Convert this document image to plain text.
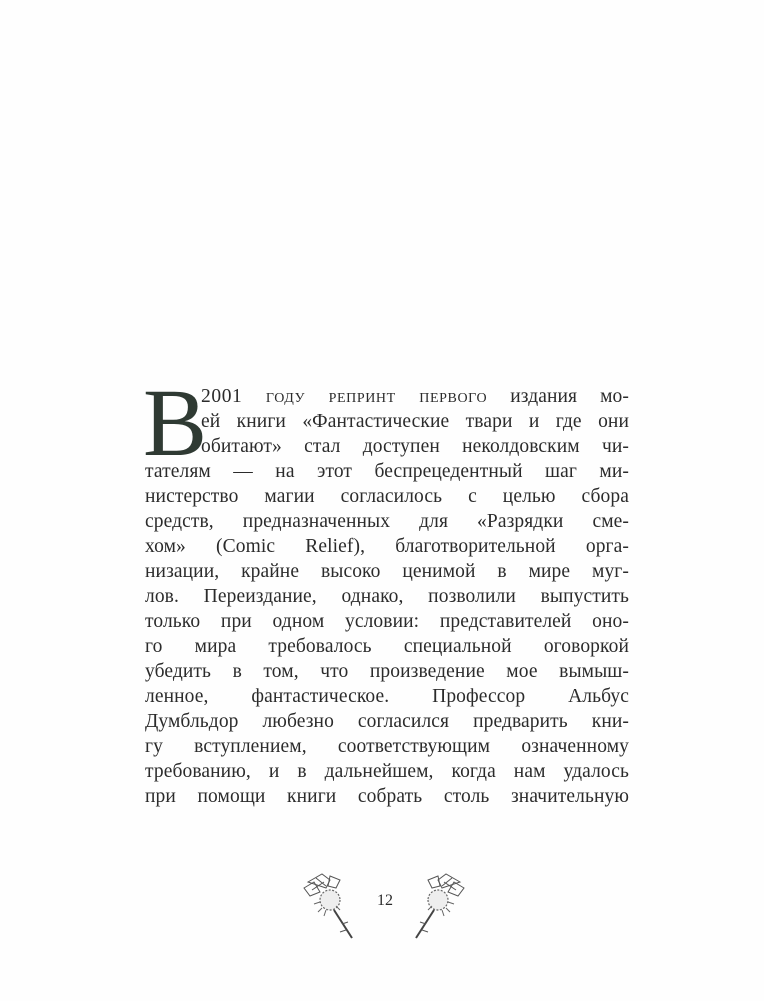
В
2001 году репринт первого издания мо-
ей книги «Фантастические твари и где они
обитают» стал доступен неколдовским чи-
тателям — на этот беспрецедентный шаг ми-
нистерство магии согласилось с целью сбора
средств, предназначенных для «Разрядки сме-
хом» (Comic Relief), благотворительной орга-
низации, крайне высоко ценимой в мире муг-
лов. Переиздание, однако, позволили выпустить
только при одном условии: представителей оно-
го мира требовалось специальной оговоркой
убедить в том, что произведение мое вымыш-
ленное, фантастическое. Профессор Альбус
Думбльдор любезно согласился предварить кни-
гу вступлением, соответствующим означенному
требованию, и в дальнейшем, когда нам удалось
при помощи книги собрать столь значительную
12
